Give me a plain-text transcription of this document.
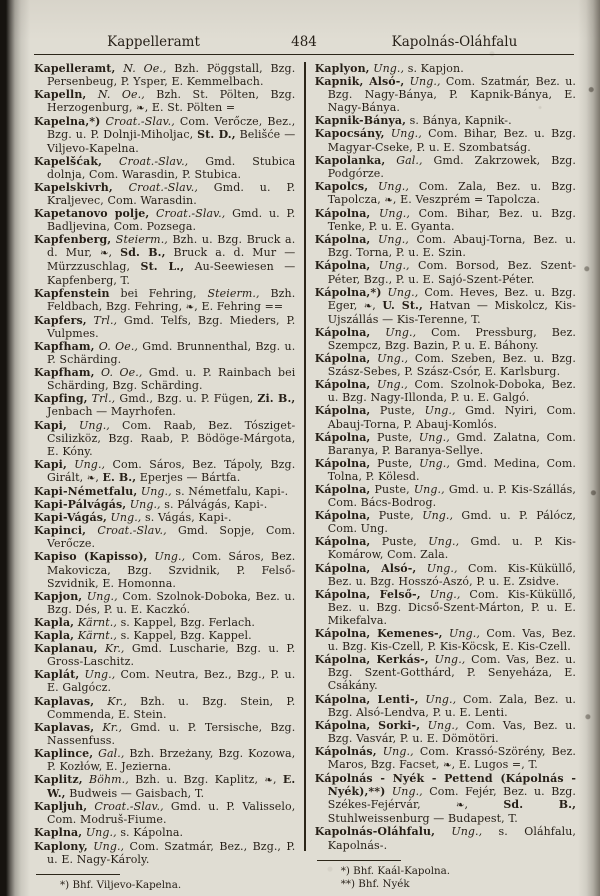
Kappelleramt	484	Kapolnás-Oláhfalu

Kapelleramt, N. Oe., Bzh. Pöggstall, Bzg. Persenbeug, P. Ysper, E. Kemmelbach.

Kapelln, N. Oe., Bzh. St. Pölten, Bzg. Herzogenburg, ❧, E. St. Pölten =

Kapelna,*) Croat.-Slav., Com. Verőcze, Bez., Bzg. u. P. Dolnji-Miholjac, St. D., Belišće — Viljevo-Kapelna.

Kapelšćak, Croat.-Slav., Gmd. Stubica dolnja, Com. Warasdin, P. Stubica.

Kapelskivrh, Croat.-Slav., Gmd. u. P. Kraljevec, Com. Warasdin.

Kapetanovo polje, Croat.-Slav., Gmd. u. P. Badljevina, Com. Pozsega.

Kapfenberg, Steierm., Bzh. u. Bzg. Bruck a. d. Mur, ❧, Sd. B., Bruck a. d. Mur — Mürzzuschlag, St. L., Au-Seewiesen — Kapfenberg, T.

Kapfenstein bei Fehring, Steierm., Bzh. Feldbach, Bzg. Fehring, ❧, E. Fehring ==

Kapfers, Trl., Gmd. Telfs, Bzg. Mieders, P. Vulpmes.

Kapfham, O. Oe., Gmd. Brunnenthal, Bzg. u. P. Schärding.

Kapfham, O. Oe., Gmd. u. P. Rainbach bei Schärding, Bzg. Schärding.

Kapfing, Trl., Gmd., Bzg. u. P. Fügen, Zi. B., Jenbach — Mayrhofen.

Kapi, Ung., Com. Raab, Bez. Tósziget-Csilizköz, Bzg. Raab, P. Bödöge-Márgota, E. Kóny.

Kapi, Ung., Com. Sáros, Bez. Tápoly, Bzg. Girált, ❧, E. B., Eperjes — Bártfa.

Kapi-Németfalu, Ung., s. Németfalu, Kapi-.

Kapi-Pálvágás, Ung., s. Pálvágás, Kapi-.

Kapi-Vágás, Ung., s. Vágás, Kapi-.

Kapinci, Croat.-Slav., Gmd. Sopje, Com. Verőcze.

Kapiso (Kapisso), Ung., Com. Sáros, Bez. Makovicza, Bzg. Szvidnik, P. Felső-Szvidnik, E. Homonna.

Kapjon, Ung., Com. Szolnok-Doboka, Bez. u. Bzg. Dés, P. u. E. Kaczkó.

Kapla, Kärnt., s. Kappel, Bzg. Ferlach.

Kapla, Kärnt., s. Kappel, Bzg. Kappel.

Kaplanau, Kr., Gmd. Luscharie, Bzg. u. P. Gross-Laschitz.

Kaplát, Ung., Com. Neutra, Bez., Bzg., P. u. E. Galgócz.

Kaplavas, Kr., Bzh. u. Bzg. Stein, P. Commenda, E. Stein.

Kaplavas, Kr., Gmd. u. P. Tersische, Bzg. Nassenfuss.

Kaplince, Gal., Bzh. Brzeżany, Bzg. Kozowa, P. Kozłów, E. Jezierna.

Kaplitz, Böhm., Bzh. u. Bzg. Kaplitz, ❧, E. W., Budweis — Gaisbach, T.

Kapljuh, Croat.-Slav., Gmd. u. P. Valisselo, Com. Modruš-Fiume.

Kaplna, Ung., s. Kápolna.

Kaplony, Ung., Com. Szatmár, Bez., Bzg., P. u. E. Nagy-Károly.

*) Bhf. Viljevo-Kapelna.

Kaplyon, Ung., s. Kapjon.

Kapnik, Alsó-, Ung., Com. Szatmár, Bez. u. Bzg. Nagy-Bánya, P. Kapnik-Bánya, E. Nagy-Bánya.

Kapnik-Bánya, s. Bánya, Kapnik-.

Kapocsány, Ung., Com. Bihar, Bez. u. Bzg. Magyar-Cseke, P. u. E. Szombatság.

Kapolanka, Gal., Gmd. Zakrzowek, Bzg. Podgórze.

Kapolcs, Ung., Com. Zala, Bez. u. Bzg. Tapolcza, ❧, E. Veszprém = Tapolcza.

Kápolna, Ung., Com. Bihar, Bez. u. Bzg. Tenke, P. u. E. Gyanta.

Kápolna, Ung., Com. Abauj-Torna, Bez. u. Bzg. Torna, P. u. E. Szin.

Kápolna, Ung., Com. Borsod, Bez. Szent-Péter, Bzg., P. u. E. Sajó-Szent-Péter.

Kápolna,*) Ung., Com. Heves, Bez. u. Bzg. Eger, ❧, U. St., Hatvan — Miskolcz, Kis-Ujszállás — Kis-Terenne, T.

Kápolna, Ung., Com. Pressburg, Bez. Szempcz, Bzg. Bazin, P. u. E. Báhony.

Kápolna, Ung., Com. Szeben, Bez. u. Bzg. Szász-Sebes, P. Szász-Csór, E. Karlsburg.

Kápolna, Ung., Com. Szolnok-Doboka, Bez. u. Bzg. Nagy-Illonda, P. u. E. Galgó.

Kápolna, Puste, Ung., Gmd. Nyiri, Com. Abauj-Torna, P. Abauj-Komlós.

Kápolna, Puste, Ung., Gmd. Zalatna, Com. Baranya, P. Baranya-Sellye.

Kápolna, Puste, Ung., Gmd. Medina, Com. Tolna, P. Kölesd.

Kápolna, Puste, Ung., Gmd. u. P. Kis-Szállás, Com. Bács-Bodrog.

Kápolna, Puste, Ung., Gmd. u. P. Pálócz, Com. Ung.

Kápolna, Puste, Ung., Gmd. u. P. Kis-Komárow, Com. Zala.

Kápolna, Alsó-, Ung., Com. Kis-Küküllő, Bez. u. Bzg. Hosszó-Aszó, P. u. E. Zsidve.

Kápolna, Felső-, Ung., Com. Kis-Küküllő, Bez. u. Bzg. Dicső-Szent-Márton, P. u. E. Mikefalva.

Kápolna, Kemenes-, Ung., Com. Vas, Bez. u. Bzg. Kis-Czell, P. Kis-Köcsk, E. Kis-Czell.

Kápolna, Kerkás-, Ung., Com. Vas, Bez. u. Bzg. Szent-Gotthárd, P. Senyeháza, E. Csákány.

Kápolna, Lenti-, Ung., Com. Zala, Bez. u. Bzg. Alsó-Lendva, P. u. E. Lenti.

Kápolna, Sorki-, Ung., Com. Vas, Bez. u. Bzg. Vasvár, P. u. E. Dömötöri.

Kápolnás, Ung., Com. Krassó-Szörény, Bez. Maros, Bzg. Facset, ❧, E. Lugos =, T.

Kápolnás - Nyék - Pettend (Kápolnás - Nyék),**) Ung., Com. Fejér, Bez. u. Bzg. Székes-Fejérvár, ❧, Sd. B., Stuhlweissenburg — Budapest, T.

Kapolnás-Oláhfalu, Ung., s. Oláhfalu, Kapolnás-.

*) Bhf. Kaál-Kapolna.

**) Bhf. Nyék
